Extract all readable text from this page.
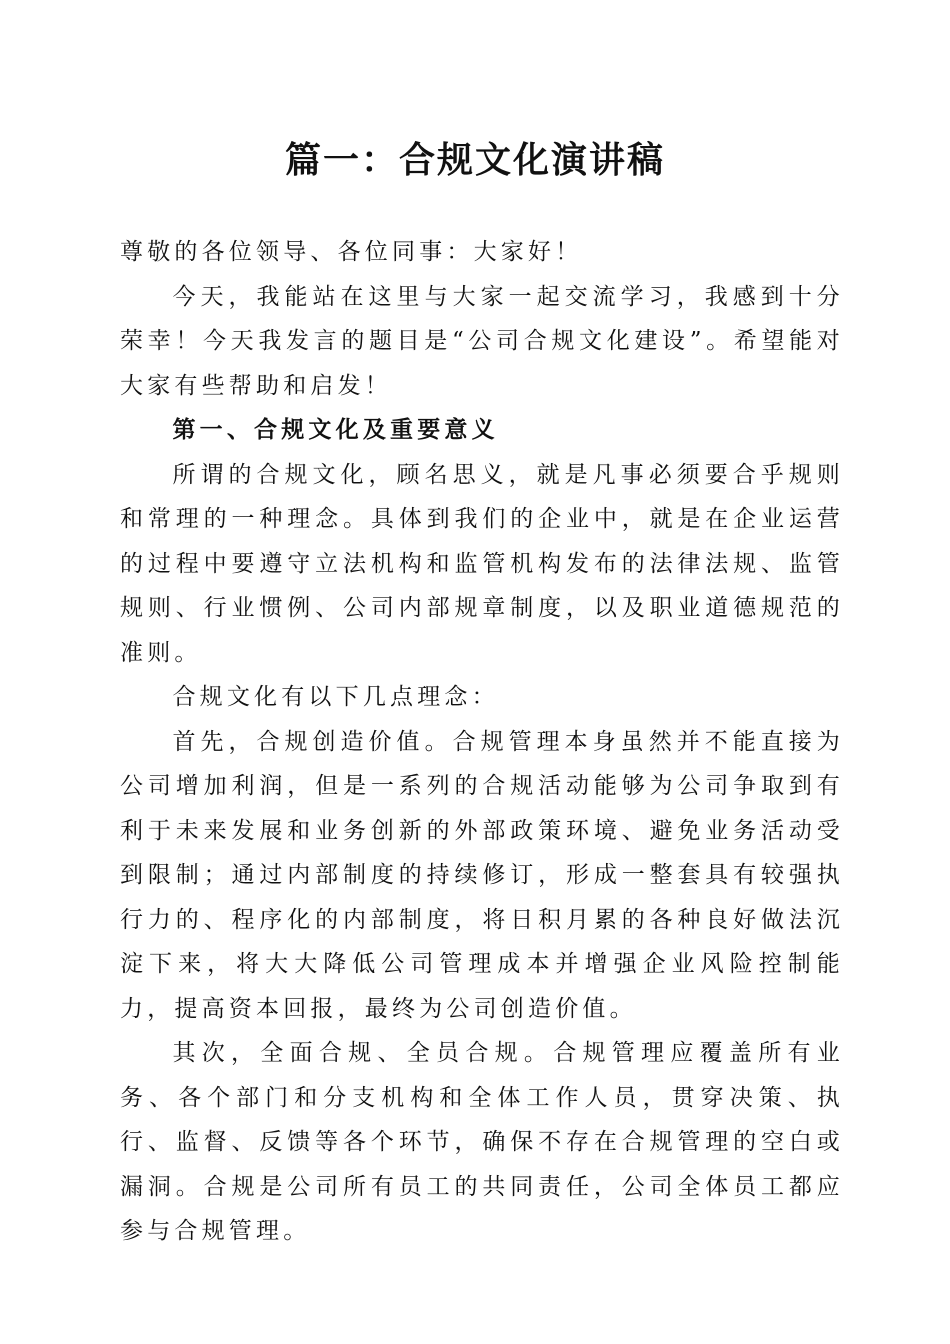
篇一：合规文化演讲稿

尊敬的各位领导、各位同事：大家好！

今天，我能站在这里与大家一起交流学习，我感到十分荣幸！今天我发言的题目是“公司合规文化建设”。希望能对大家有些帮助和启发！

第一、合规文化及重要意义

所谓的合规文化，顾名思义，就是凡事必须要合乎规则和常理的一种理念。具体到我们的企业中，就是在企业运营的过程中要遵守立法机构和监管机构发布的法律法规、监管规则、行业惯例、公司内部规章制度，以及职业道德规范的准则。

合规文化有以下几点理念：

首先，合规创造价值。合规管理本身虽然并不能直接为公司增加利润，但是一系列的合规活动能够为公司争取到有利于未来发展和业务创新的外部政策环境、避免业务活动受到限制；通过内部制度的持续修订，形成一整套具有较强执行力的、程序化的内部制度，将日积月累的各种良好做法沉淀下来，将大大降低公司管理成本并增强企业风险控制能力，提高资本回报，最终为公司创造价值。

其次，全面合规、全员合规。合规管理应覆盖所有业务、各个部门和分支机构和全体工作人员，贯穿决策、执行、监督、反馈等各个环节，确保不存在合规管理的空白或漏洞。合规是公司所有员工的共同责任，公司全体员工都应参与合规管理。
